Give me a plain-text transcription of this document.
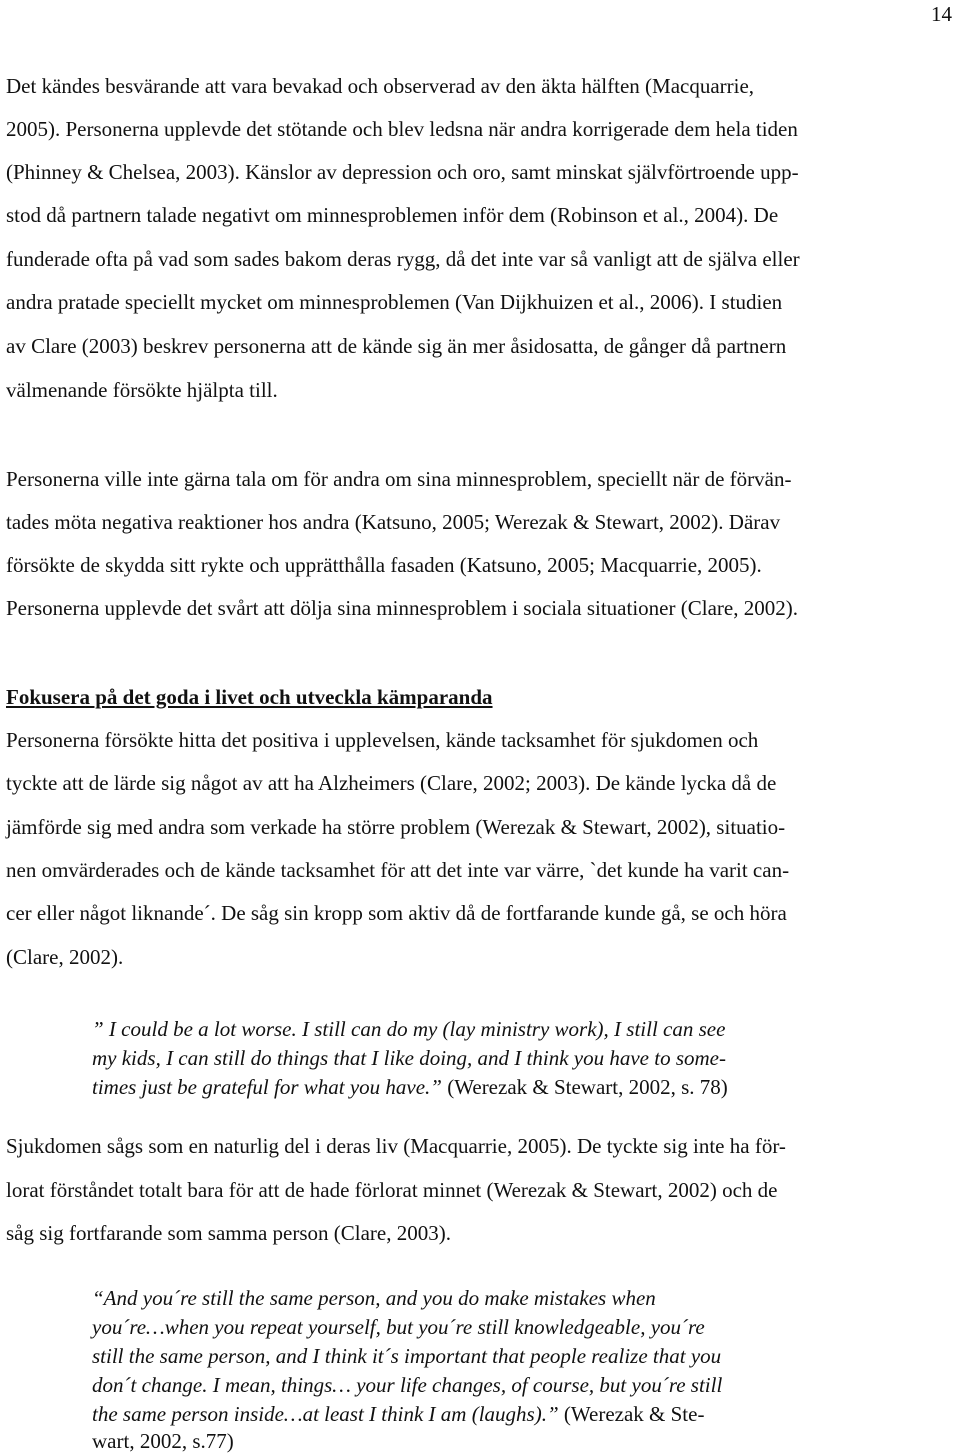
14

Det kändes besvärande att vara bevakad och observerad av den äkta hälften (Macquarrie,

2005). Personerna upplevde det stötande och blev ledsna när andra korrigerade dem hela tiden

(Phinney & Chelsea, 2003). Känslor av depression och oro, samt minskat självförtroende upp-

stod då partnern talade negativt om minnesproblemen inför dem (Robinson et al., 2004). De

funderade ofta på vad som sades bakom deras rygg, då det inte var så vanligt att de själva eller

andra pratade speciellt mycket om minnesproblemen (Van Dijkhuizen et al., 2006). I studien

av Clare (2003) beskrev personerna att de kände sig än mer åsidosatta, de gånger då partnern

välmenande försökte hjälpta till.

Personerna ville inte gärna tala om för andra om sina minnesproblem, speciellt när de förvän-

tades möta negativa reaktioner hos andra (Katsuno, 2005; Werezak & Stewart, 2002). Därav

försökte de skydda sitt rykte och upprätthålla fasaden (Katsuno, 2005; Macquarrie, 2005).

Personerna upplevde det svårt att dölja sina minnesproblem i sociala situationer (Clare, 2002).

Fokusera på det goda i livet och utveckla kämparanda

Personerna försökte hitta det positiva i upplevelsen, kände tacksamhet för sjukdomen och

tyckte att de lärde sig något av att ha Alzheimers (Clare, 2002; 2003). De kände lycka då de

jämförde sig med andra som verkade ha större problem (Werezak & Stewart, 2002), situatio-

nen omvärderades och de kände tacksamhet för att det inte var värre, `det kunde ha varit can-

cer eller något liknande´. De såg sin kropp som aktiv då de fortfarande kunde gå, se och höra

(Clare, 2002).

” I could be a lot worse. I still can do my (lay ministry work), I still can see

my kids, I can still do things that I like doing, and I think you have to some-

times just be grateful for what you have.” (Werezak & Stewart, 2002, s. 78)

Sjukdomen sågs som en naturlig del i deras liv (Macquarrie, 2005). De tyckte sig inte ha för-

lorat förståndet totalt bara för att de hade förlorat minnet (Werezak & Stewart, 2002) och de

såg sig fortfarande som samma person (Clare, 2003).

“And you´re still the same person, and you do make mistakes when

you´re…when you repeat yourself, but you´re still knowledgeable, you´re

still the same person, and I think it´s important that people realize that you

don´t change. I mean, things… your life changes, of course, but you´re still

the same person inside…at least I think I am (laughs).” (Werezak & Ste-

wart, 2002, s.77)
